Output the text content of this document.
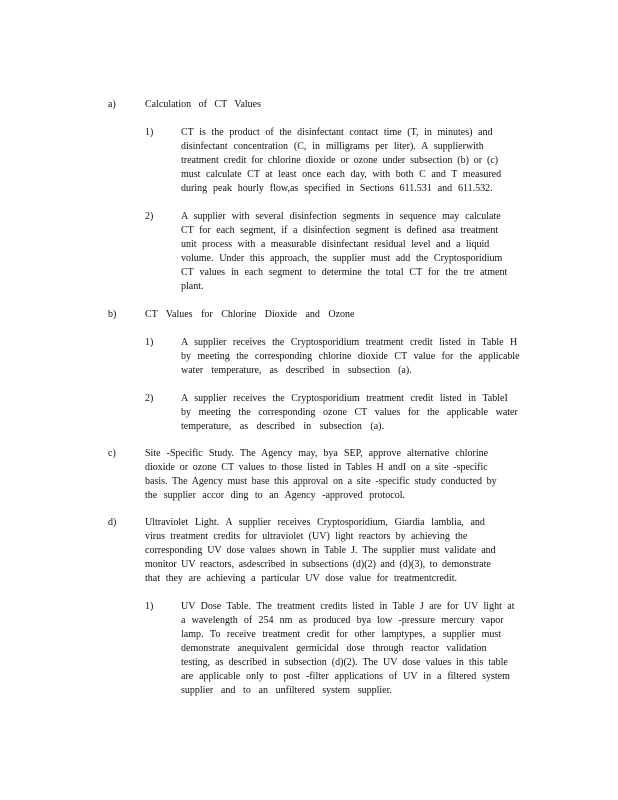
a)	Calculation of CT Values
1)	CT is the product of the disinfectant contact time (T, in minutes) and
disinfectant concentration (C, in milligrams per liter). A supplierwith
treatment credit for chlorine dioxide or ozone under subsection (b) or (c)
must calculate CT at least once each day, with both C and T measured
during peak hourly flow,as specified in Sections 611.531 and 611.532.
2)	A supplier with several disinfection segments in sequence may calculate
CT for each segment, if a disinfection segment is defined asa treatment
unit process with a measurable disinfectant residual level and a liquid
volume. Under this approach, the supplier must add the Cryptosporidium
CT values in each segment to determine the total CT for the tre atment
plant.
b)	CT Values for Chlorine Dioxide and Ozone
1)	A supplier receives the Cryptosporidium treatment credit listed in Table H
by meeting the corresponding chlorine dioxide CT value for the applicable
water temperature, as described in subsection (a).
2)	A supplier receives the Cryptosporidium treatment credit listed in TableI
by meeting the corresponding ozone CT values for the applicable water
temperature, as described in subsection (a).
c)	Site -Specific Study. The Agency may, bya SEP, approve alternative chlorine
dioxide or ozone CT values to those listed in Tables H andI on a site -specific
basis. The Agency must base this approval on a site -specific study conducted by
the supplier accor ding to an Agency -approved protocol.
d)	Ultraviolet Light. A supplier receives Cryptosporidium, Giardia lamblia, and
virus treatment credits for ultraviolet (UV) light reactors by achieving the
corresponding UV dose values shown in Table J. The supplier must validate and
monitor UV reactors, asdescribed in subsections (d)(2) and (d)(3), to demonstrate
that they are achieving a particular UV dose value for treatmentcredit.
1)	UV Dose Table. The treatment credits listed in Table J are for UV light at
a wavelength of 254 nm as produced bya low -pressure mercury vapor
lamp. To receive treatment credit for other lamptypes, a supplier must
demonstrate anequivalent germicidal dose through reactor validation
testing, as described in subsection (d)(2). The UV dose values in this table
are applicable only to post -filter applications of UV in a filtered system
supplier and to an unfiltered system supplier.
